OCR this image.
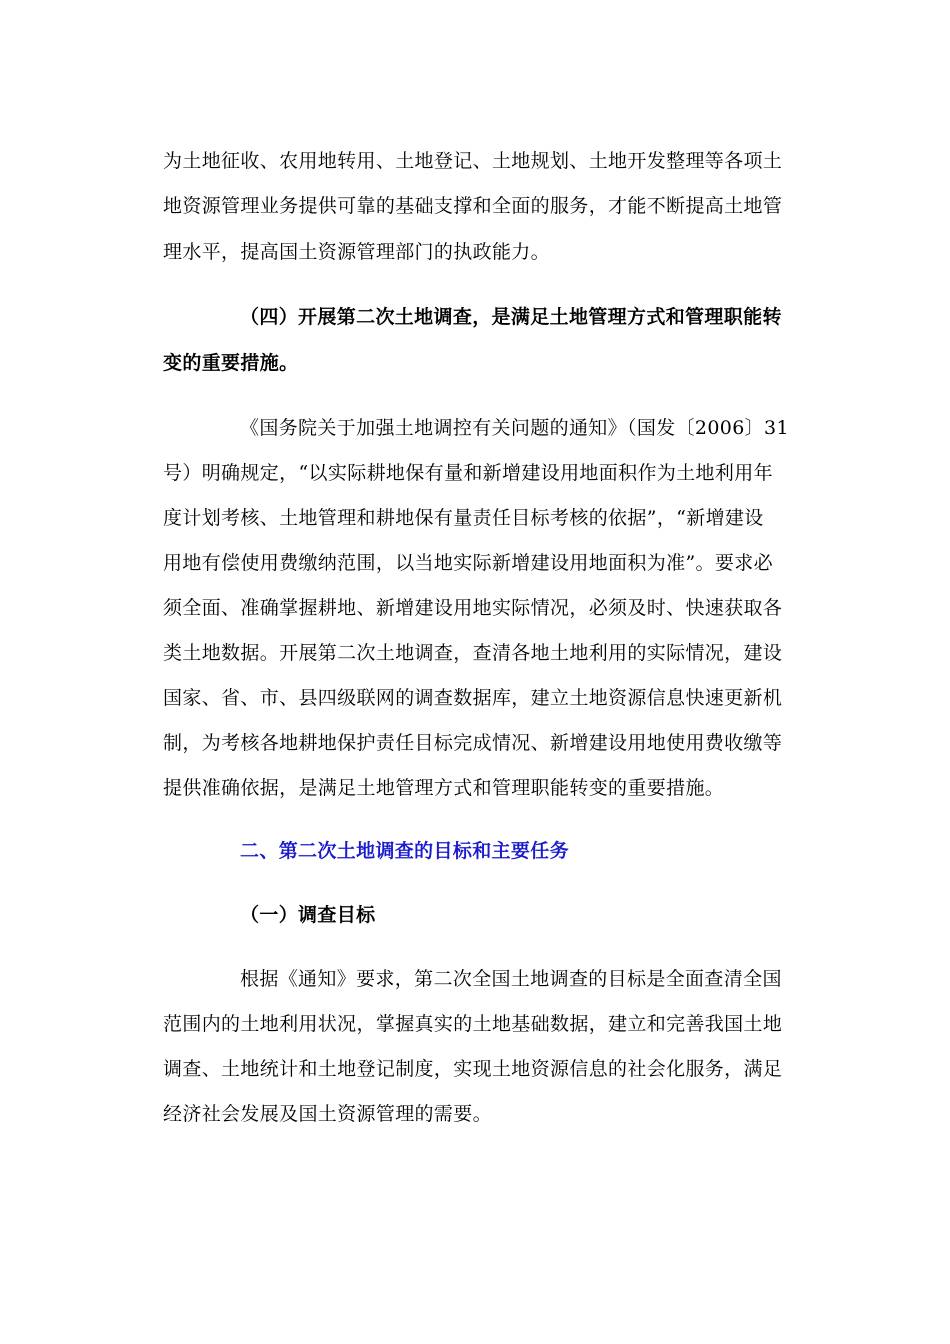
为土地征收、农用地转用、土地登记、土地规划、土地开发整理等各项土
地资源管理业务提供可靠的基础支撑和全面的服务，才能不断提高土地管
理水平，提高国土资源管理部门的执政能力。
（四）开展第二次土地调查，是满足土地管理方式和管理职能转
变的重要措施。
《国务院关于加强土地调控有关问题的通知》（国发〔2006〕31
号）明确规定，“以实际耕地保有量和新增建设用地面积作为土地利用年
度计划考核、土地管理和耕地保有量责任目标考核的依据”，“新增建设
用地有偿使用费缴纳范围，以当地实际新增建设用地面积为准”。要求必
须全面、准确掌握耕地、新增建设用地实际情况，必须及时、快速获取各
类土地数据。开展第二次土地调查，查清各地土地利用的实际情况，建设
国家、省、市、县四级联网的调查数据库，建立土地资源信息快速更新机
制，为考核各地耕地保护责任目标完成情况、新增建设用地使用费收缴等
提供准确依据，是满足土地管理方式和管理职能转变的重要措施。
二、第二次土地调查的目标和主要任务
（一）调查目标
根据《通知》要求，第二次全国土地调查的目标是全面查清全国
范围内的土地利用状况，掌握真实的土地基础数据，建立和完善我国土地
调查、土地统计和土地登记制度，实现土地资源信息的社会化服务，满足
经济社会发展及国土资源管理的需要。
